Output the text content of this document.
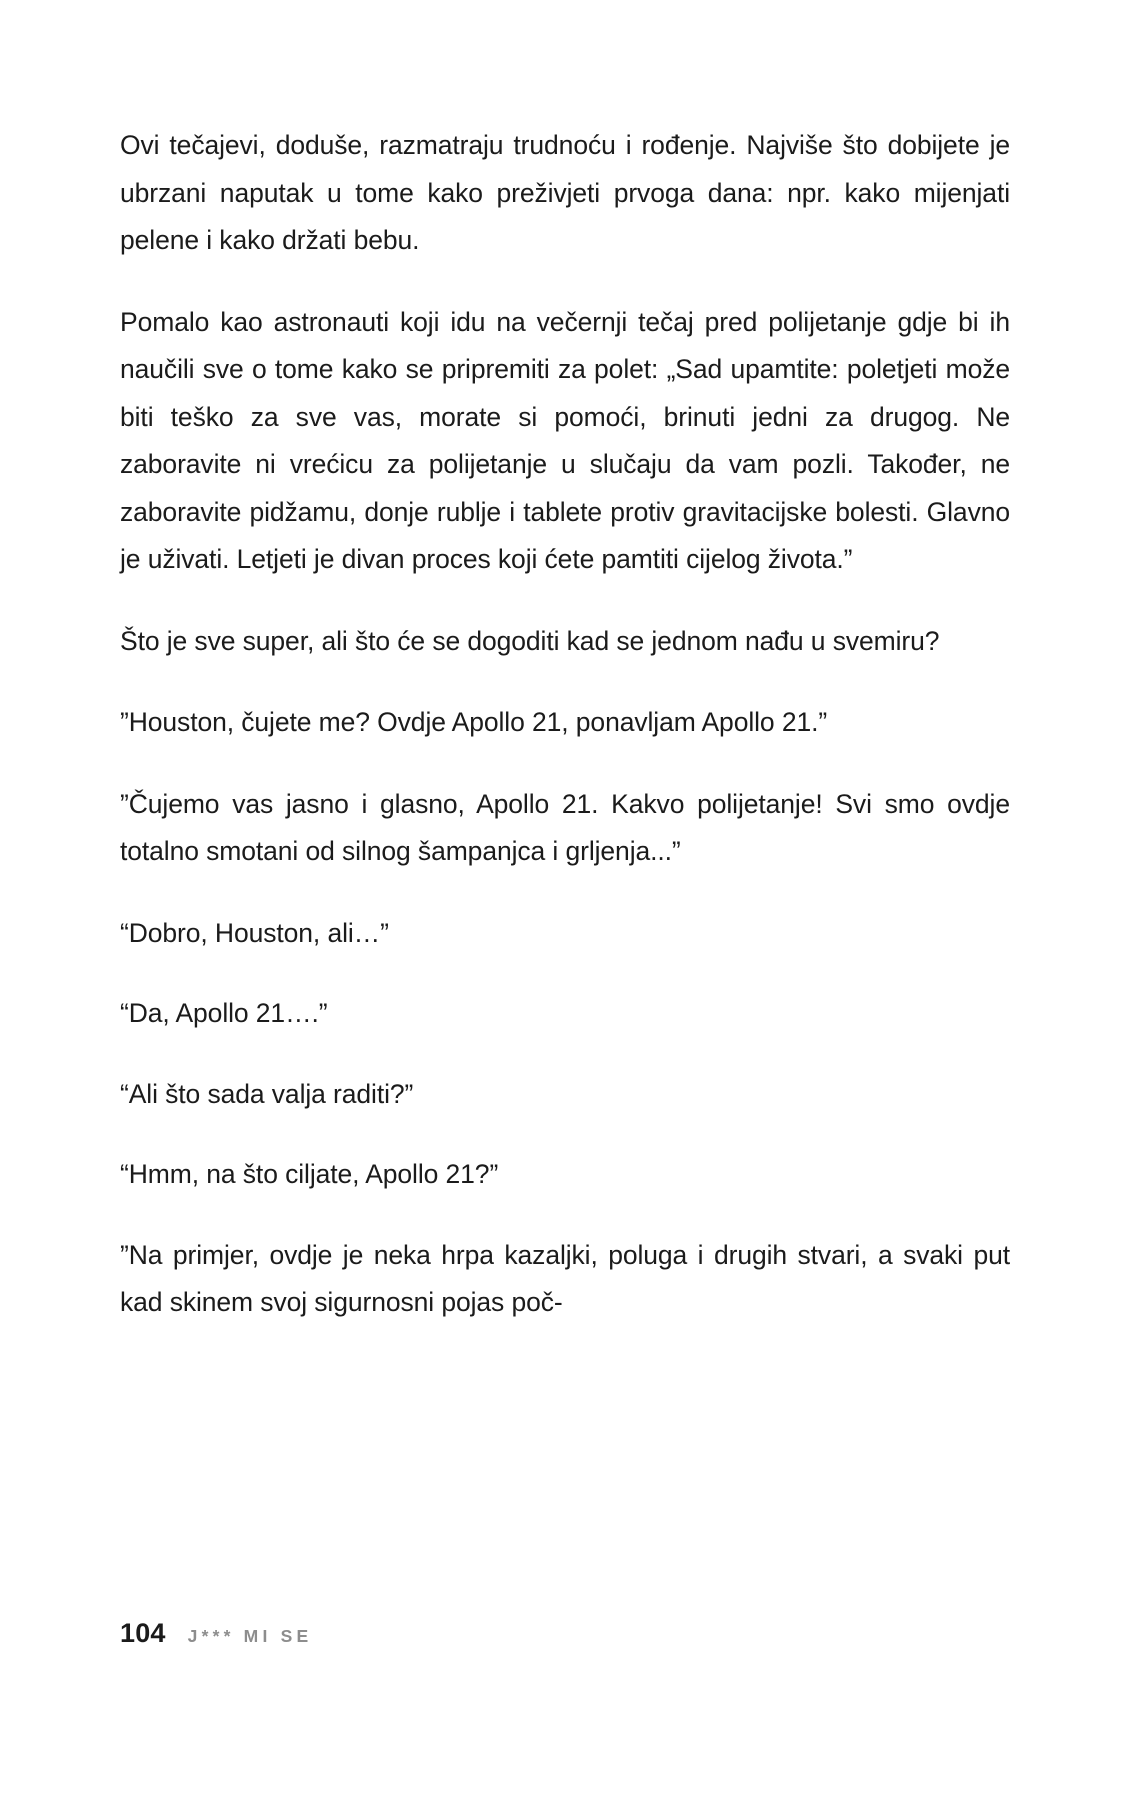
Ovi tečajevi, doduše, razmatraju trudnoću i rođenje. Najviše što dobijete je ubrzani naputak u tome kako preživjeti prvoga dana: npr. kako mijenjati pelene i kako držati bebu.

Pomalo kao astronauti koji idu na večernji tečaj pred polijetanje gdje bi ih naučili sve o tome kako se pripremiti za polet: „Sad upamtite: poletjeti može biti teško za sve vas, morate si pomoći, brinuti jedni za drugog. Ne zaboravite ni vrećicu za polijetanje u slučaju da vam pozli. Također, ne zaboravite pidžamu, donje rublje i tablete protiv gravitacijske bolesti. Glavno je uživati. Letjeti je divan proces koji ćete pamtiti cijelog života.”

Što je sve super, ali što će se dogoditi kad se jednom nađu u svemiru?

”Houston, čujete me? Ovdje Apollo 21, ponavljam Apollo 21.”

”Čujemo vas jasno i glasno, Apollo 21. Kakvo polijetanje! Svi smo ovdje totalno smotani od silnog šampanjca i grljenja...”

“Dobro, Houston, ali…”

“Da, Apollo 21….”

“Ali što sada valja raditi?”

“Hmm, na što ciljate, Apollo 21?”

”Na primjer, ovdje je neka hrpa kazaljki, poluga i drugih stvari, a svaki put kad skinem svoj sigurnosni pojas poč-

104 J*** MI SE
